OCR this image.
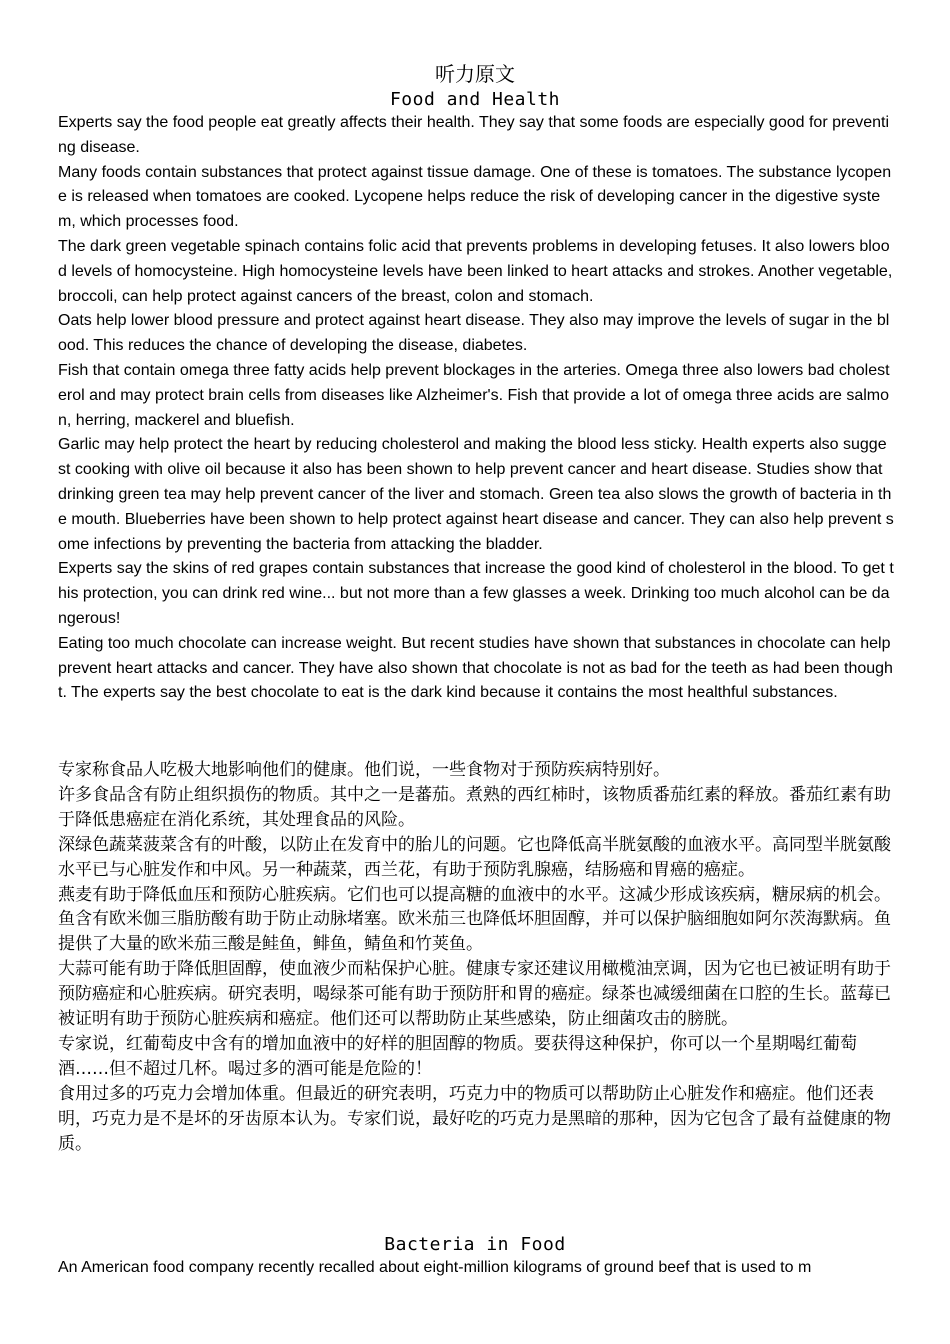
听力原文
Food and Health

Experts say the food people eat greatly affects their health. They say that some foods are especially good for preventing disease.

Many foods contain substances that protect against tissue damage. One of these is tomatoes. The substance lycopene is released when tomatoes are cooked. Lycopene helps reduce the risk of developing cancer in the digestive system, which processes food.

The dark green vegetable spinach contains folic acid that prevents problems in developing fetuses. It also lowers blood levels of homocysteine. High homocysteine levels have been linked to heart attacks and strokes. Another vegetable, broccoli, can help protect against cancers of the breast, colon and stomach.

Oats help lower blood pressure and protect against heart disease. They also may improve the levels of sugar in the blood. This reduces the chance of developing the disease, diabetes.

Fish that contain omega three fatty acids help prevent blockages in the arteries. Omega three also lowers bad cholesterol and may protect brain cells from diseases like Alzheimer's. Fish that provide a lot of omega three acids are salmon, herring, mackerel and bluefish.

Garlic may help protect the heart by reducing cholesterol and making the blood less sticky. Health experts also suggest cooking with olive oil because it also has been shown to help prevent cancer and heart disease. Studies show that drinking green tea may help prevent cancer of the liver and stomach. Green tea also slows the growth of bacteria in the mouth. Blueberries have been shown to help protect against heart disease and cancer. They can also help prevent some infections by preventing the bacteria from attacking the bladder.

Experts say the skins of red grapes contain substances that increase the good kind of cholesterol in the blood. To get this protection, you can drink red wine... but not more than a few glasses a week. Drinking too much alcohol can be dangerous!

Eating too much chocolate can increase weight. But recent studies have shown that substances in chocolate can help prevent heart attacks and cancer. They have also shown that chocolate is not as bad for the teeth as had been thought. The experts say the best chocolate to eat is the dark kind because it contains the most healthful substances.

专家称食品人吃极大地影响他们的健康。他们说，一些食物对于预防疾病特别好。

许多食品含有防止组织损伤的物质。其中之一是蕃茄。煮熟的西红柿时，该物质番茄红素的释放。番茄红素有助于降低患癌症在消化系统，其处理食品的风险。

深绿色蔬菜菠菜含有的叶酸，以防止在发育中的胎儿的问题。它也降低高半胱氨酸的血液水平。高同型半胱氨酸水平已与心脏发作和中风。另一种蔬菜，西兰花，有助于预防乳腺癌，结肠癌和胃癌的癌症。

燕麦有助于降低血压和预防心脏疾病。它们也可以提高糖的血液中的水平。这减少形成该疾病，糖尿病的机会。

鱼含有欧米伽三脂肪酸有助于防止动脉堵塞。欧米茄三也降低坏胆固醇，并可以保护脑细胞如阿尔茨海默病。鱼提供了大量的欧米茄三酸是鲑鱼，鲱鱼，鲭鱼和竹荚鱼。

大蒜可能有助于降低胆固醇，使血液少而粘保护心脏。健康专家还建议用橄榄油烹调，因为它也已被证明有助于预防癌症和心脏疾病。研究表明，喝绿茶可能有助于预防肝和胃的癌症。绿茶也减缓细菌在口腔的生长。蓝莓已被证明有助于预防心脏疾病和癌症。他们还可以帮助防止某些感染，防止细菌攻击的膀胱。

专家说，红葡萄皮中含有的增加血液中的好样的胆固醇的物质。要获得这种保护，你可以一个星期喝红葡萄酒……但不超过几杯。喝过多的酒可能是危险的！

食用过多的巧克力会增加体重。但最近的研究表明，巧克力中的物质可以帮助防止心脏发作和癌症。他们还表明，巧克力是不是坏的牙齿原本认为。专家们说，最好吃的巧克力是黑暗的那种，因为它包含了最有益健康的物质。

Bacteria in Food
An American food company recently recalled about eight-million kilograms of ground beef that is used to m
